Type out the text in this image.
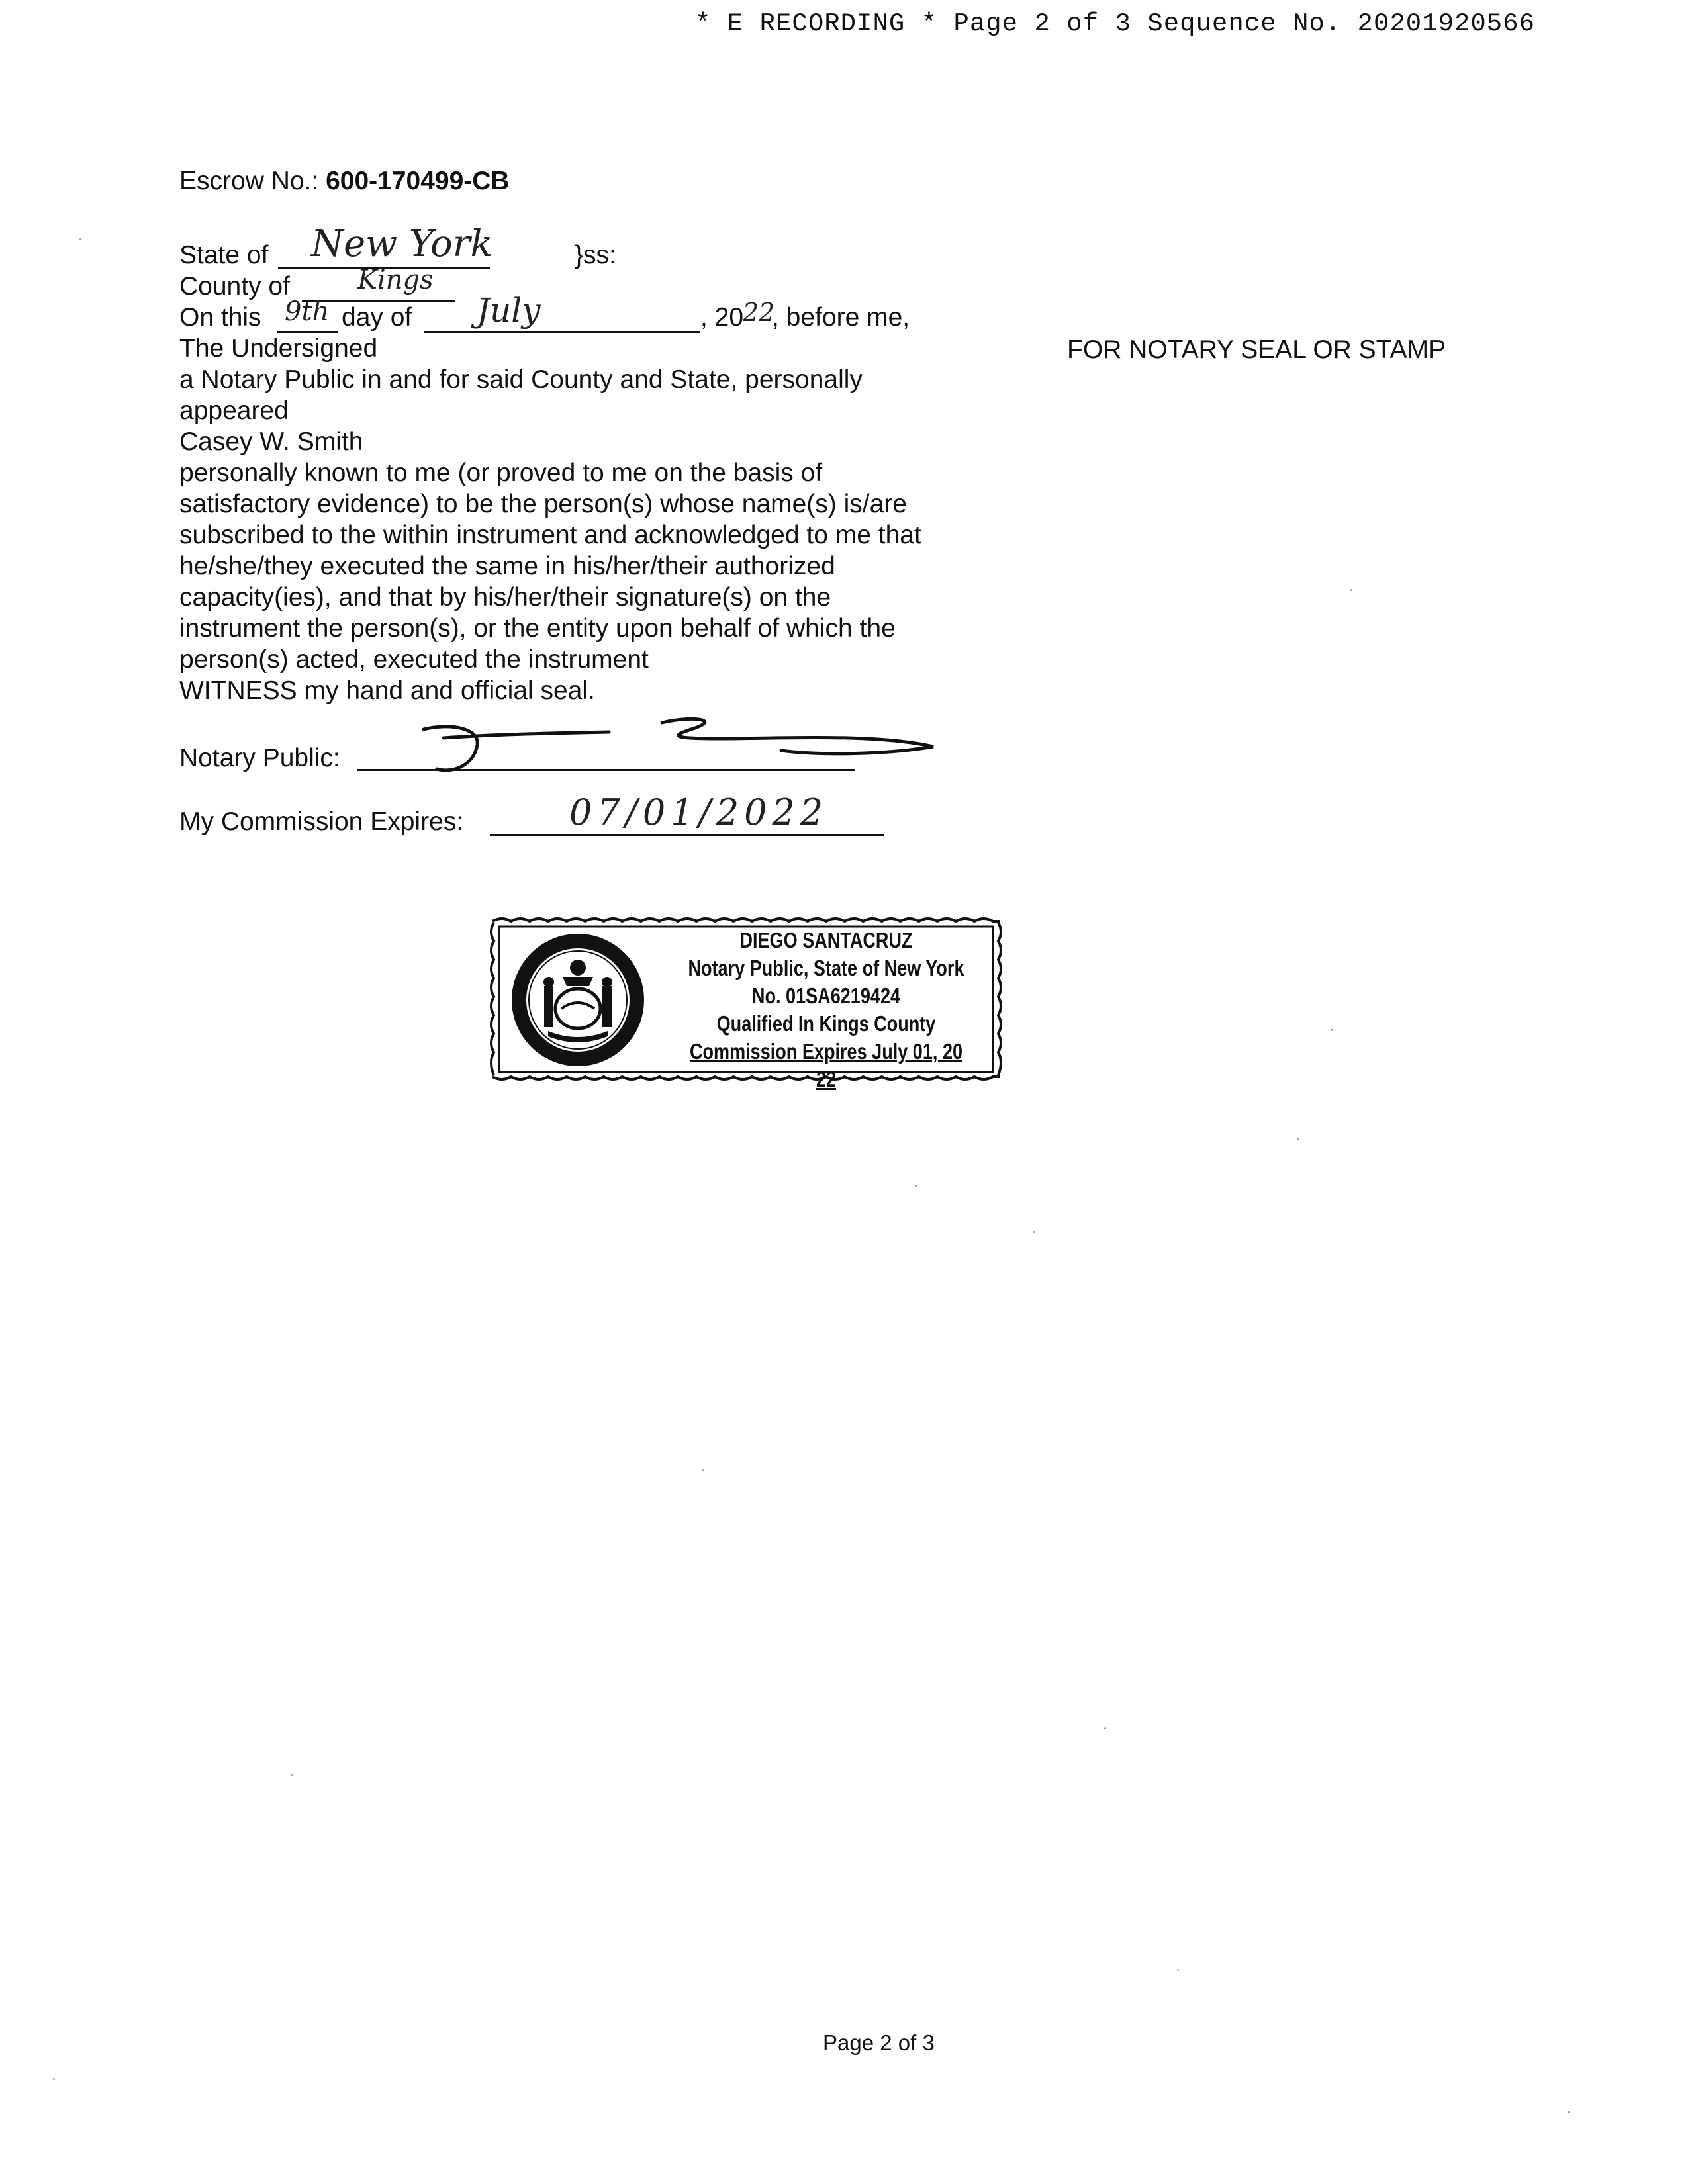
* E RECORDING * Page 2 of 3 Sequence No. 20201920566
Escrow No.: 600-170499-CB
State of New York	}ss:
County of	Kings
On this 9th day of July	, 20
22
, before me,
The Undersigned
a Notary Public in and for said County and State, personally
appeared
Casey W. Smith
personally known to me (or proved to me on the basis of
satisfactory evidence) to be the person(s) whose name(s) is/are
subscribed to the within instrument and acknowledged to me that
he/she/they executed the same in his/her/their authorized
capacity(ies), and that by his/her/their signature(s) on the
instrument the person(s), or the entity upon behalf of which the
person(s) acted, executed the instrument
WITNESS my hand and official seal.
FOR NOTARY SEAL OR STAMP
Notary Public:
My Commission Expires:	07/01/2022
DIEGO SANTACRUZ
Notary Public, State of New York
No. 01SA6219424
Qualified In Kings County
Commission Expires July 01, 20 22
Page 2 of 3
